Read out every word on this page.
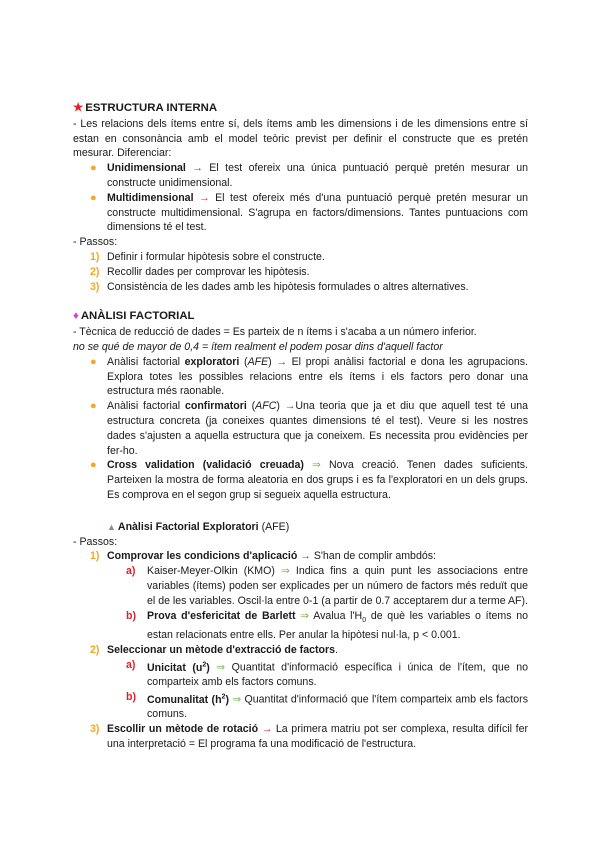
★ ESTRUCTURA INTERNA

- Les relacions dels ítems entre sí, dels ítems amb les dimensions i de les dimensions entre sí estan en consonància amb el model teòric previst per definir el constructe que es pretén mesurar. Diferenciar:

● Unidimensional → El test ofereix una única puntuació perquè pretén mesurar un constructe unidimensional.
● Multidimensional → El test ofereix més d'una puntuació perquè pretén mesurar un constructe multidimensional. S'agrupa en factors/dimensions. Tantes puntuacions com dimensions té el test.

- Passos:

1) Definir i formular hipòtesis sobre el constructe.
2) Recollir dades per comprovar les hipòtesis.
3) Consistència de les dades amb les hipòtesis formulades o altres alternatives.
♦ ANÀLISI FACTORIAL

- Tècnica de reducció de dades = Es parteix de n ítems i s'acaba a un número inferior.

no se qué de mayor de 0,4 = ítem realment el podem posar dins d'aquell factor

● Anàlisi factorial exploratori (AFE) → El propi anàlisi factorial e dona les agrupacions. Explora totes les possibles relacions entre els ítems i els factors pero donar una estructura més raonable.
● Anàlisi factorial confirmatori (AFC) →Una teoria que ja et diu que aquell test té una estructura concreta (ja coneixes quantes dimensions té el test). Veure si les nostres dades s'ajusten a aquella estructura que ja coneixem. Es necessita prou evidències per fer-ho.
● Cross validation (validació creuada) ⇒ Nova creació. Tenen dades suficients. Parteixen la mostra de forma aleatoria en dos grups i es fa l'exploratori en un dels grups. Es comprova en el segon grup si segueix aquella estructura.
▲ Anàlisi Factorial Exploratori (AFE)

- Passos:

1) Comprovar les condicions d'aplicació → S'han de complir ambdós:
a) Kaiser-Meyer-Olkin (KMO) ⇒ Indica fins a quin punt les associacions entre variables (ítems) poden ser explicades per un número de factors més reduït que el de les variables. Oscil·la entre 0-1 (a partir de 0.7 acceptarem dur a terme AF).
b) Prova d'esfericitat de Barlett ⇒ Avalua $l'H_0$ de què les variables o ítems no estan relacionats entre ells. Per anular la hipòtesi nul·la, p < 0.001.
2) Seleccionar un mètode d'extracció de factors.
a) Unicitat $(u^2)$ ⇒ Quantitat d'informació específica i única de l'ítem, que no comparteix amb els factors comuns.
b) Comunalitat $(h^2)$ ⇒ Quantitat d'informació que l'ítem comparteix amb els factors comuns.
3) Escollir un mètode de rotació → La primera matriu pot ser complexa, resulta difícil fer una interpretació = El programa fa una modificació de l'estructura.
